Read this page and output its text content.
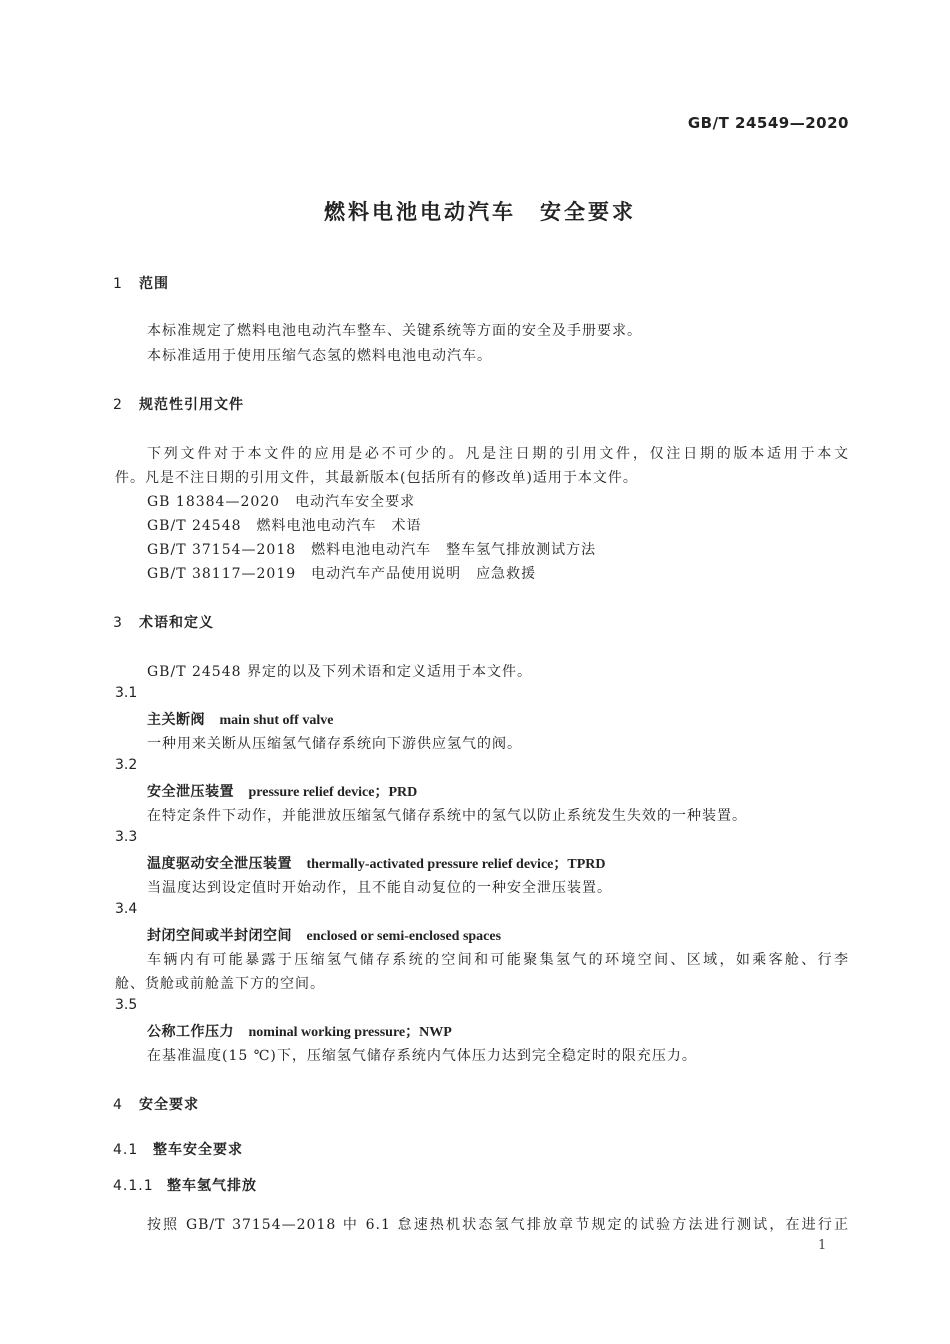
GB/T 24549—2020
燃料电池电动汽车　安全要求
1 范围
本标准规定了燃料电池电动汽车整车、关键系统等方面的安全及手册要求。
本标准适用于使用压缩气态氢的燃料电池电动汽车。
2 规范性引用文件
下列文件对于本文件的应用是必不可少的。凡是注日期的引用文件，仅注日期的版本适用于本文
件。凡是不注日期的引用文件，其最新版本(包括所有的修改单)适用于本文件。
GB 18384—2020　电动汽车安全要求
GB/T 24548　燃料电池电动汽车　术语
GB/T 37154—2018　燃料电池电动汽车　整车氢气排放测试方法
GB/T 38117—2019　电动汽车产品使用说明　应急救援
3 术语和定义
GB/T 24548 界定的以及下列术语和定义适用于本文件。
3.1
主关断阀  main shut off valve
一种用来关断从压缩氢气储存系统向下游供应氢气的阀。
3.2
安全泄压装置  pressure relief device；PRD
在特定条件下动作，并能泄放压缩氢气储存系统中的氢气以防止系统发生失效的一种装置。
3.3
温度驱动安全泄压装置  thermally-activated pressure relief device；TPRD
当温度达到设定值时开始动作，且不能自动复位的一种安全泄压装置。
3.4
封闭空间或半封闭空间  enclosed or semi-enclosed spaces
车辆内有可能暴露于压缩氢气储存系统的空间和可能聚集氢气的环境空间、区域，如乘客舱、行李
舱、货舱或前舱盖下方的空间。
3.5
公称工作压力  nominal working pressure；NWP
在基准温度(15 ℃)下，压缩氢气储存系统内气体压力达到完全稳定时的限充压力。
4 安全要求
4.1 整车安全要求
4.1.1 整车氢气排放
按照 GB/T 37154—2018 中 6.1 怠速热机状态氢气排放章节规定的试验方法进行测试，在进行正
1
